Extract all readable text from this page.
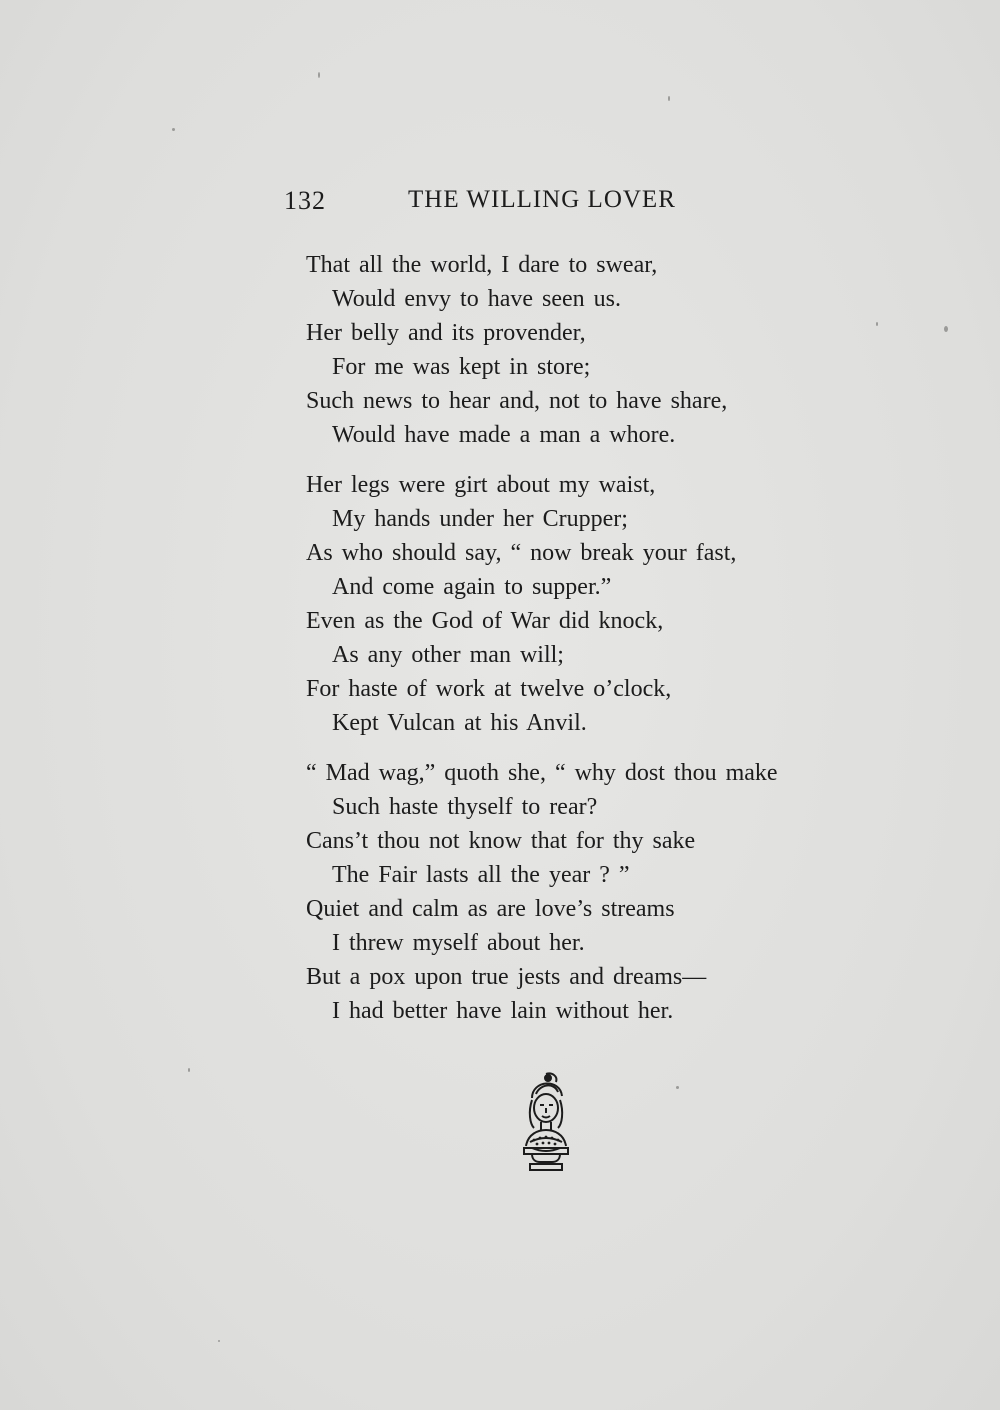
132	THE WILLING LOVER
That all the world, I dare to swear,
Would envy to have seen us.
Her belly and its provender,
For me was kept in store;
Such news to hear and, not to have share,
Would have made a man a whore.
Her legs were girt about my waist,
My hands under her Crupper;
As who should say, “ now break your fast,
And come again to supper.”
Even as the God of War did knock,
As any other man will;
For haste of work at twelve o’clock,
Kept Vulcan at his Anvil.
“ Mad wag,” quoth she, “ why dost thou make
Such haste thyself to rear?
Cans’t thou not know that for thy sake
The Fair lasts all the year ? ”
Quiet and calm as are love’s streams
I threw myself about her.
But a pox upon true jests and dreams—
I had better have lain without her.
